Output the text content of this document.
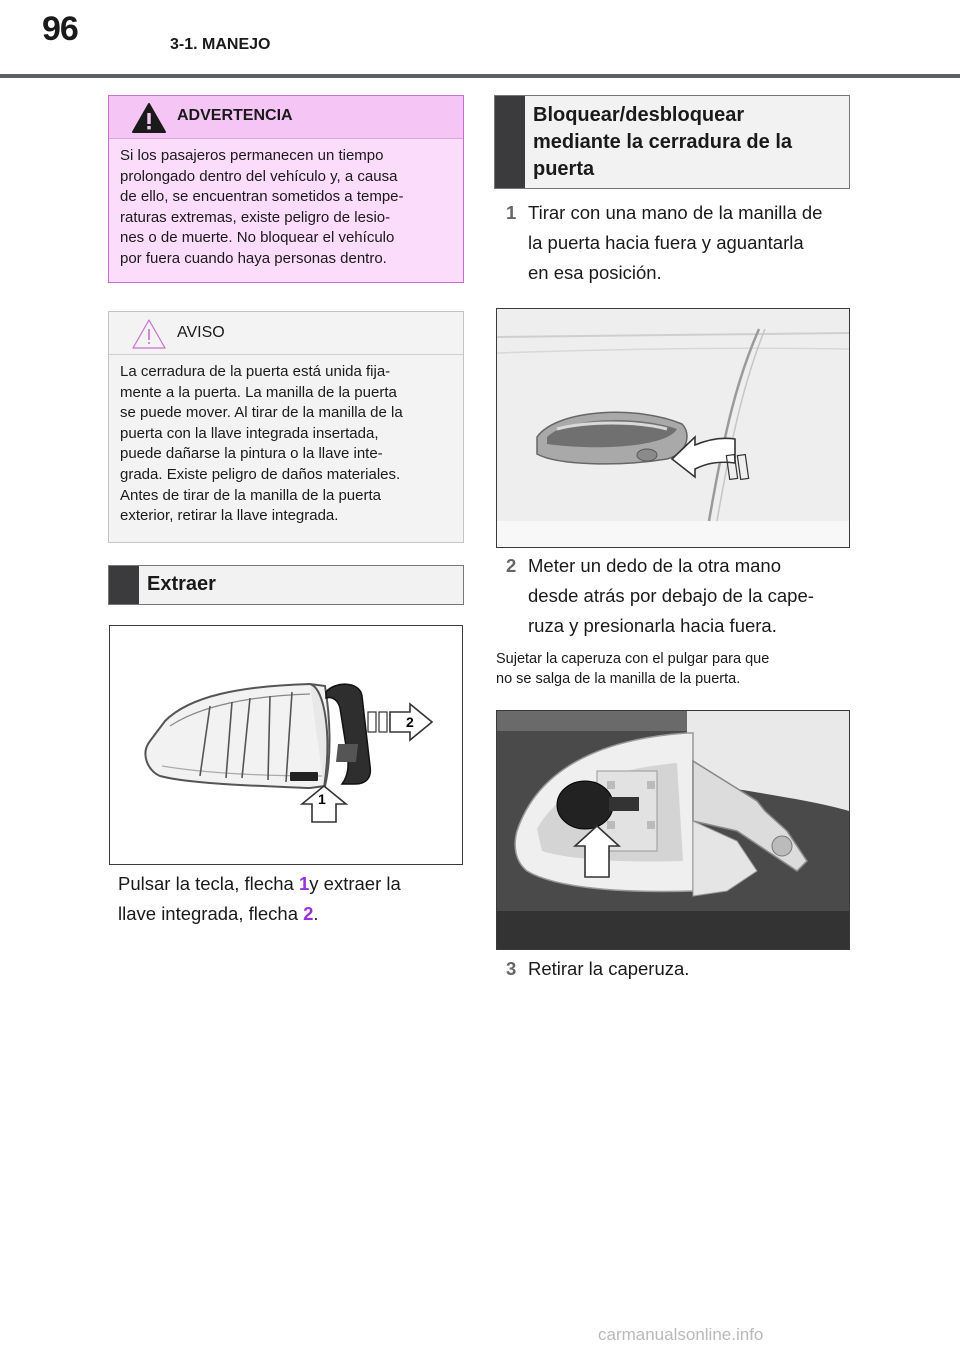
96	3-1. MANEJO
ADVERTENCIA
Si los pasajeros permanecen un tiempo
prolongado dentro del vehículo y, a causa
de ello, se encuentran sometidos a tempe-
raturas extremas, existe peligro de lesio-
nes o de muerte. No bloquear el vehículo
por fuera cuando haya personas dentro.
AVISO
La cerradura de la puerta está unida fija-
mente a la puerta. La manilla de la puerta
se puede mover. Al tirar de la manilla de la
puerta con la llave integrada insertada,
puede dañarse la pintura o la llave inte-
grada. Existe peligro de daños materiales.
Antes de tirar de la manilla de la puerta
exterior, retirar la llave integrada.
Extraer
2
1
Pulsar la tecla, flecha 1y extraer la
llave integrada, flecha 2.
Bloquear/desbloquear
mediante la cerradura de la
puerta
1 Tirar con una mano de la manilla de
la puerta hacia fuera y aguantarla
en esa posición.
2 Meter un dedo de la otra mano
desde atrás por debajo de la cape-
ruza y presionarla hacia fuera.
Sujetar la caperuza con el pulgar para que
no se salga de la manilla de la puerta.
3 Retirar la caperuza.
carmanualsonline.info
